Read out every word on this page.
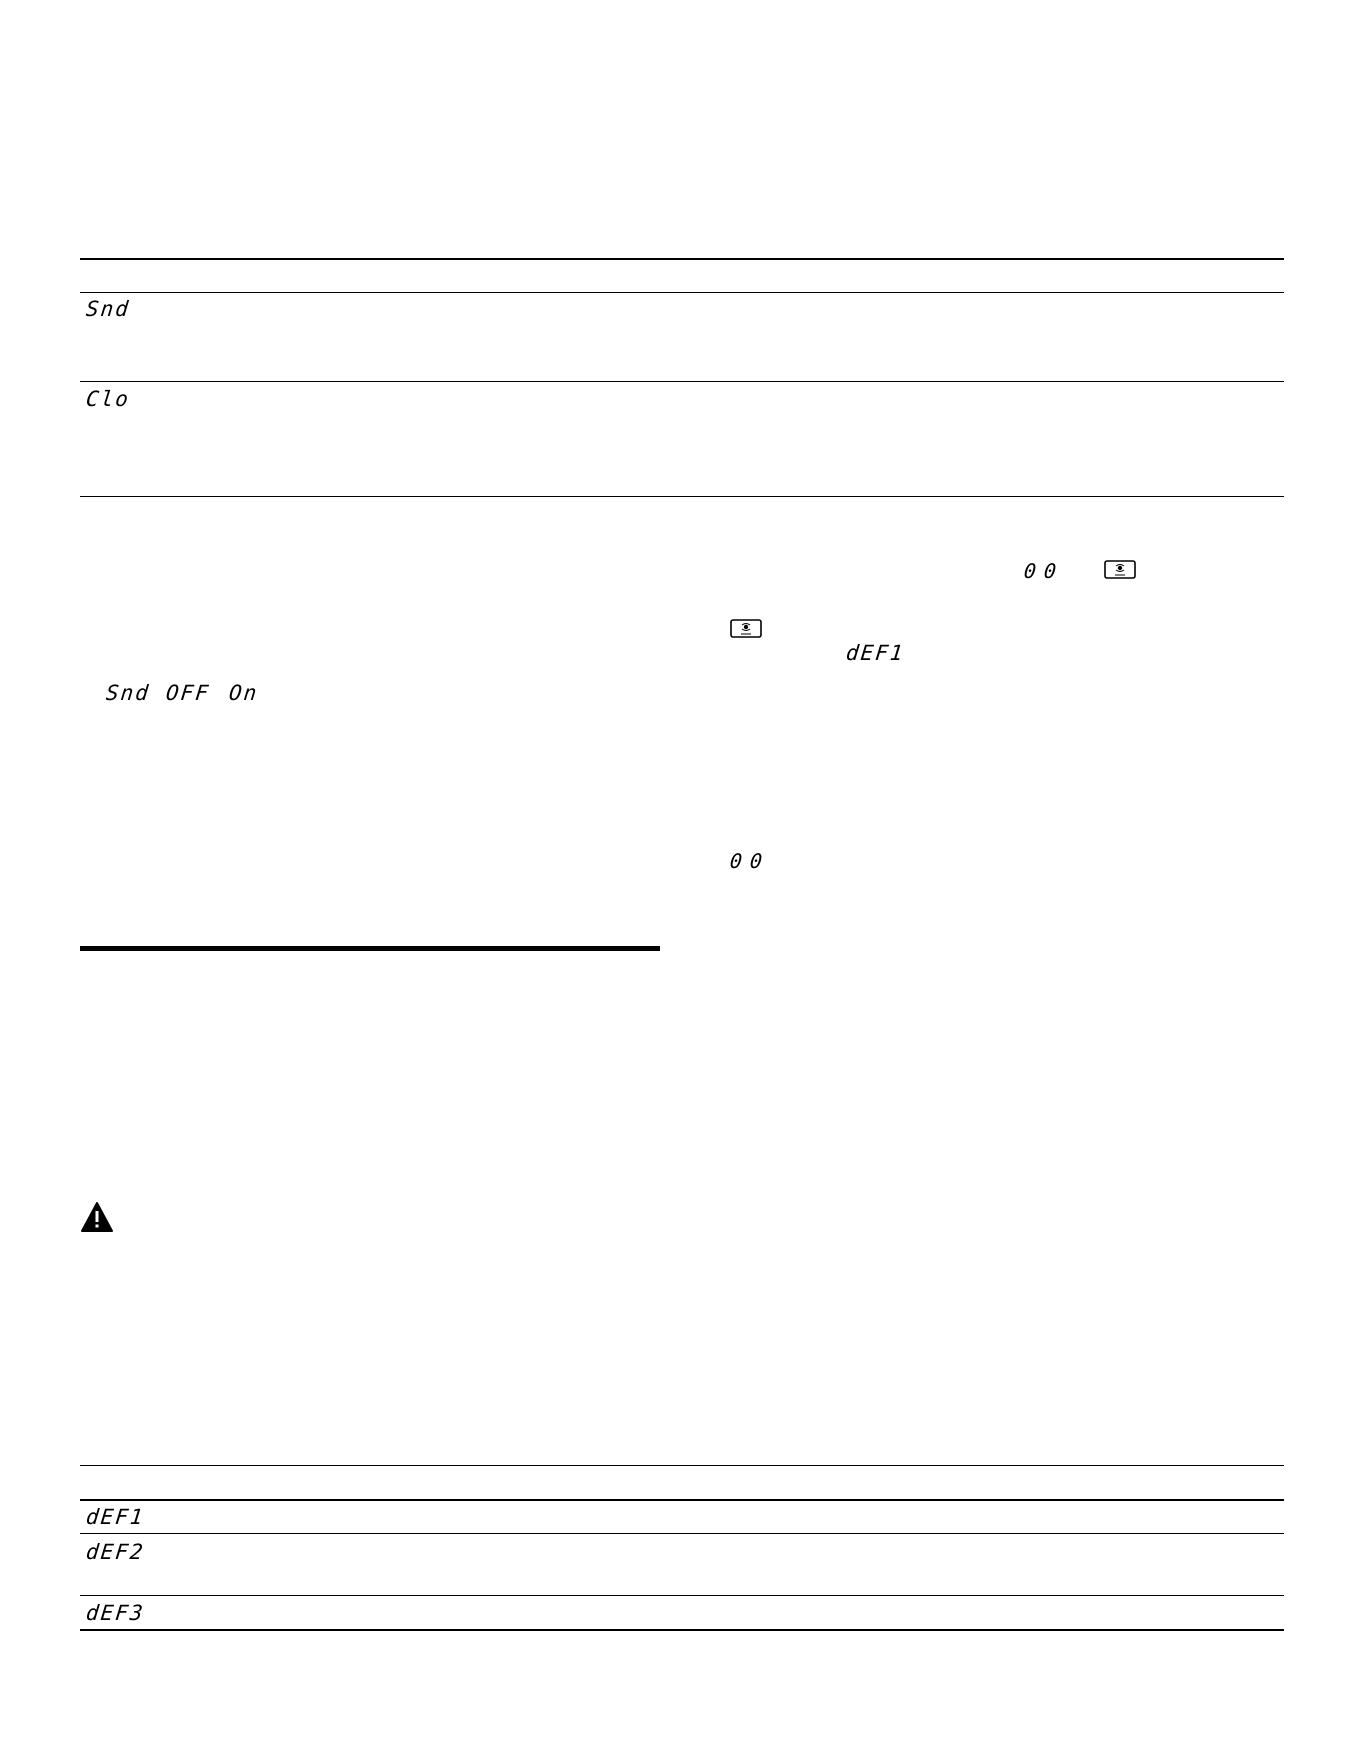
Snd
Clo
00
dEF1
Snd OFF On
00
dEF1
dEF2
dEF3
